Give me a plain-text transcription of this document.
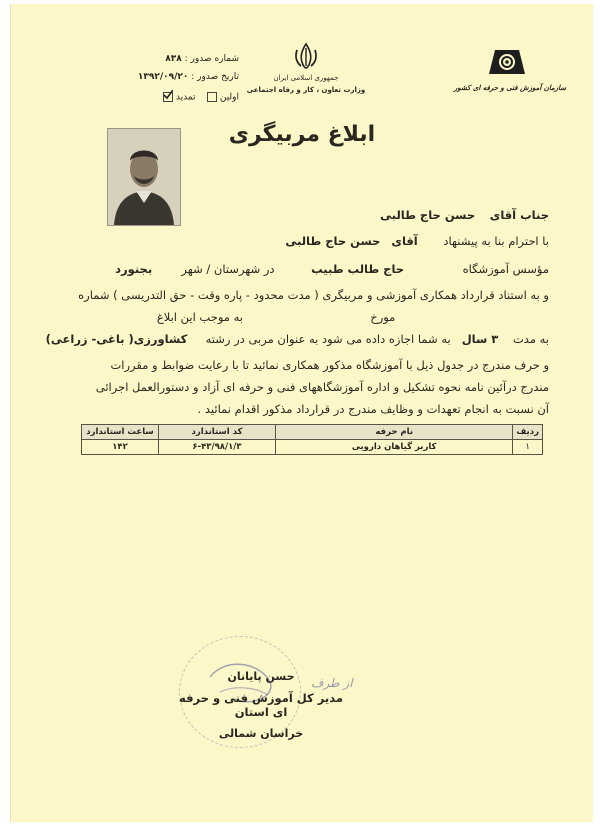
شماره صدور : ۸۳۸
تاریخ صدور : ۱۳۹۲/۰۹/۲۰
اولین     تمدید
جمهوری اسلامی ایران
وزارت تعاون ، کار و رفاه اجتماعی	سازمان آموزش فنی و حرفه ای کشور
ابلاغ مربیگری
جناب آقای    حسن حاج طالبی
با احترام بنا به پیشنهاد       آقای   حسن حاج طالبی
مؤسس آموزشگاه                حاج طالب طبیب          در شهرستان / شهر        بجنورد
و به استناد قرارداد همکاری آموزشی و مربیگری ( مدت محدود - پاره وقت - حق التدریسی ) شماره
مورخ  به موجب این ابلاغ
به مدت    ۳ سال   به شما اجازه داده می شود به عنوان مربی در رشته     کشاورزی( باغی- زراعی)
و حرف مندرج در جدول ذیل با آموزشگاه مذکور همکاری نمائید تا با رعایت ضوابط و مقررات
مندرج درآئین نامه نحوه تشکیل و اداره آموزشگاههای فنی و حرفه ای آزاد و دستورالعمل اجرائی
آن نسبت به انجام تعهدات و وظایف مندرج در قرارداد مذکور اقدام نمائید .
ردیف	نام حرفه	کد استاندارد	ساعت استاندارد
۱	کاربر گیاهان دارویی	۶-۴۳/۹۸/۱/۳	۱۴۲
از طرف
حسن پایانان
مدیر کل آموزش فنی و حرفه ای استان
خراسان شمالی
